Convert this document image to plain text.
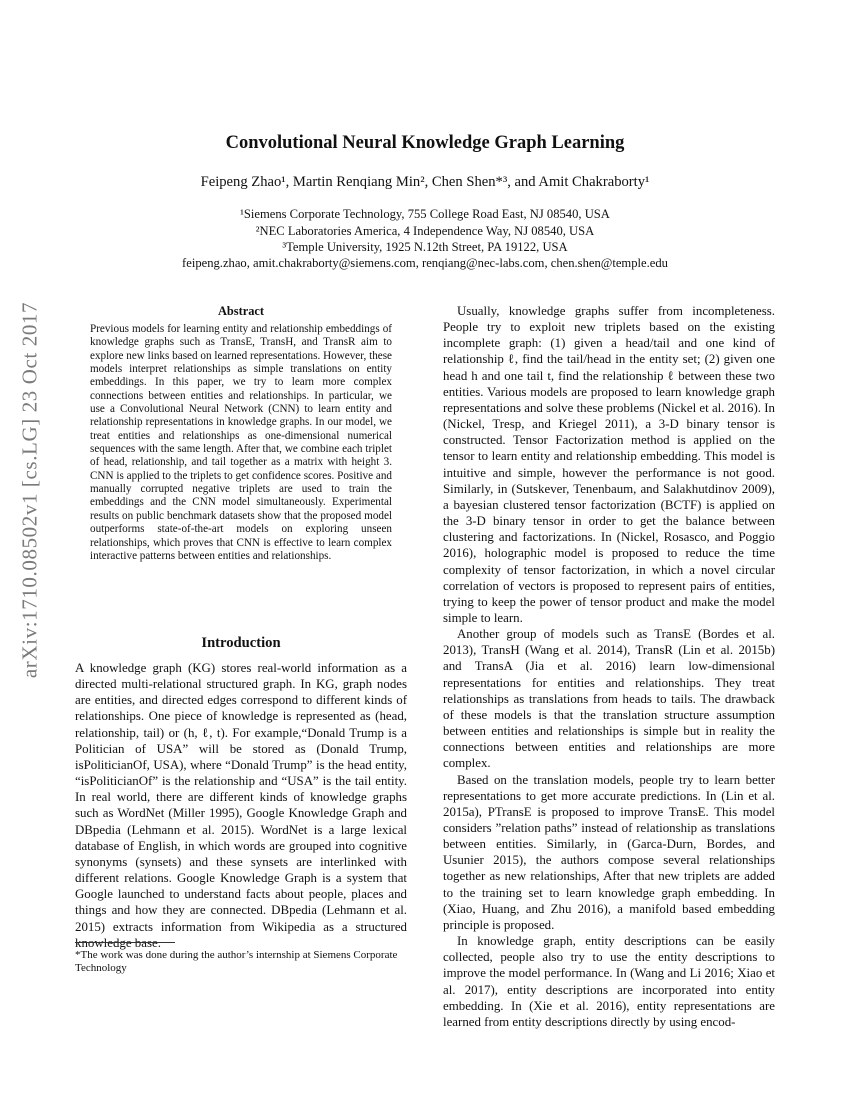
arXiv:1710.08502v1 [cs.LG] 23 Oct 2017
Convolutional Neural Knowledge Graph Learning
Feipeng Zhao¹, Martin Renqiang Min², Chen Shen*³, and Amit Chakraborty¹
¹Siemens Corporate Technology, 755 College Road East, NJ 08540, USA
²NEC Laboratories America, 4 Independence Way, NJ 08540, USA
³Temple University, 1925 N.12th Street, PA 19122, USA
feipeng.zhao, amit.chakraborty@siemens.com, renqiang@nec-labs.com, chen.shen@temple.edu
Abstract
Previous models for learning entity and relationship embeddings of knowledge graphs such as TransE, TransH, and TransR aim to explore new links based on learned representations. However, these models interpret relationships as simple translations on entity embeddings. In this paper, we try to learn more complex connections between entities and relationships. In particular, we use a Convolutional Neural Network (CNN) to learn entity and relationship representations in knowledge graphs. In our model, we treat entities and relationships as one-dimensional numerical sequences with the same length. After that, we combine each triplet of head, relationship, and tail together as a matrix with height 3. CNN is applied to the triplets to get confidence scores. Positive and manually corrupted negative triplets are used to train the embeddings and the CNN model simultaneously. Experimental results on public benchmark datasets show that the proposed model outperforms state-of-the-art models on exploring unseen relationships, which proves that CNN is effective to learn complex interactive patterns between entities and relationships.
Introduction

A knowledge graph (KG) stores real-world information as a directed multi-relational structured graph. In KG, graph nodes are entities, and directed edges correspond to different kinds of relationships. One piece of knowledge is represented as (head, relationship, tail) or (h, ℓ, t). For example,“Donald Trump is a Politician of USA” will be stored as (Donald Trump, isPoliticianOf, USA), where “Donald Trump” is the head entity, “isPoliticianOf” is the relationship and “USA” is the tail entity. In real world, there are different kinds of knowledge graphs such as WordNet (Miller 1995), Google Knowledge Graph and DBpedia (Lehmann et al. 2015). WordNet is a large lexical database of English, in which words are grouped into cognitive synonyms (synsets) and these synsets are interlinked with different relations. Google Knowledge Graph is a system that Google launched to understand facts about people, places and things and how they are connected. DBpedia (Lehmann et al. 2015) extracts information from Wikipedia as a structured knowledge base.

*The work was done during the author’s internship at Siemens Corporate Technology

Usually, knowledge graphs suffer from incompleteness. People try to exploit new triplets based on the existing incomplete graph: (1) given a head/tail and one kind of relationship ℓ, find the tail/head in the entity set; (2) given one head h and one tail t, find the relationship ℓ between these two entities. Various models are proposed to learn knowledge graph representations and solve these problems (Nickel et al. 2016). In (Nickel, Tresp, and Kriegel 2011), a 3-D binary tensor is constructed. Tensor Factorization method is applied on the tensor to learn entity and relationship embedding. This model is intuitive and simple, however the performance is not good. Similarly, in (Sutskever, Tenenbaum, and Salakhutdinov 2009), a bayesian clustered tensor factorization (BCTF) is applied on the 3-D binary tensor in order to get the balance between clustering and factorizations. In (Nickel, Rosasco, and Poggio 2016), holographic model is proposed to reduce the time complexity of tensor factorization, in which a novel circular correlation of vectors is proposed to represent pairs of entities, trying to keep the power of tensor product and make the model simple to learn.

Another group of models such as TransE (Bordes et al. 2013), TransH (Wang et al. 2014), TransR (Lin et al. 2015b) and TransA (Jia et al. 2016) learn low-dimensional representations for entities and relationships. They treat relationships as translations from heads to tails. The drawback of these models is that the translation structure assumption between entities and relationships is simple but in reality the connections between entities and relationships are more complex.

Based on the translation models, people try to learn better representations to get more accurate predictions. In (Lin et al. 2015a), PTransE is proposed to improve TransE. This model considers ”relation paths” instead of relationship as translations between entities. Similarly, in (Garca-Durn, Bordes, and Usunier 2015), the authors compose several relationships together as new relationships, After that new triplets are added to the training set to learn knowledge graph embedding. In (Xiao, Huang, and Zhu 2016), a manifold based embedding principle is proposed.

In knowledge graph, entity descriptions can be easily collected, people also try to use the entity descriptions to improve the model performance. In (Wang and Li 2016; Xiao et al. 2017), entity descriptions are incorporated into entity embedding. In (Xie et al. 2016), entity representations are learned from entity descriptions directly by using encod-
